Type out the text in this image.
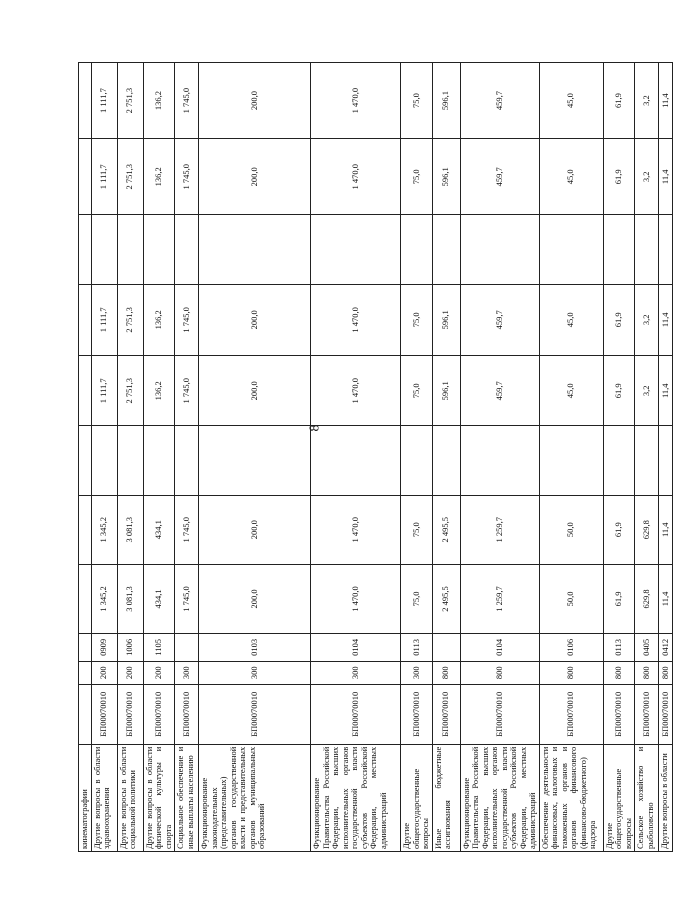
8
кинематографии											
Другие вопросы в области здравоохранения	БП00070010	200	0909	1 345,2	1 345,2		1 111,7	1 111,7		1 111,7	1 111,7
Другие вопросы в области социальной политики	БП00070010	200	1006	3 081,3	3 081,3		2 751,3	2 751,3		2 751,3	2 751,3
Другие вопросы в области физической культуры и спорта	БП00070010	200	1105	434,1	434,1		136,2	136,2		136,2	136,2
Социальное обеспечение и иные выплаты населению	БП00070010	300		1 745,0	1 745,0		1 745,0	1 745,0		1 745,0	1 745,0
Функционирование законодательных (представительных) органов государственной власти и представительных органов муниципальных образований	БП00070010	300	0103	200,0	200,0		200,0	200,0		200,0	200,0
Функционирование Правительства Российской Федерации, высших исполнительных органов государственной власти субъектов Российской Федерации, местных администраций	БП00070010	300	0104	1 470,0	1 470,0		1 470,0	1 470,0		1 470,0	1 470,0
Другие общегосударственные вопросы	БП00070010	300	0113	75,0	75,0		75,0	75,0		75,0	75,0
Иные бюджетные ассигнования	БП00070010	800		2 495,5	2 495,5		596,1	596,1		596,1	596,1
Функционирование Правительства Российской Федерации, высших исполнительных органов государственной власти субъектов Российской Федерации, местных администраций	БП00070010	800	0104	1 259,7	1 259,7		459,7	459,7		459,7	459,7
Обеспечение деятельности финансовых, налоговых и таможенных органов и органов финансового (финансово-бюджетного) надзора	БП00070010	800	0106	50,0	50,0		45,0	45,0		45,0	45,0
Другие общегосударственные вопросы	БП00070010	800	0113	61,9	61,9		61,9	61,9		61,9	61,9
Сельское хозяйство и рыболовство	БП00070010	800	0405	629,8	629,8		3,2	3,2		3,2	3,2
Другие вопросы в области	БП00070010	800	0412	11,4	11,4		11,4	11,4		11,4	11,4
